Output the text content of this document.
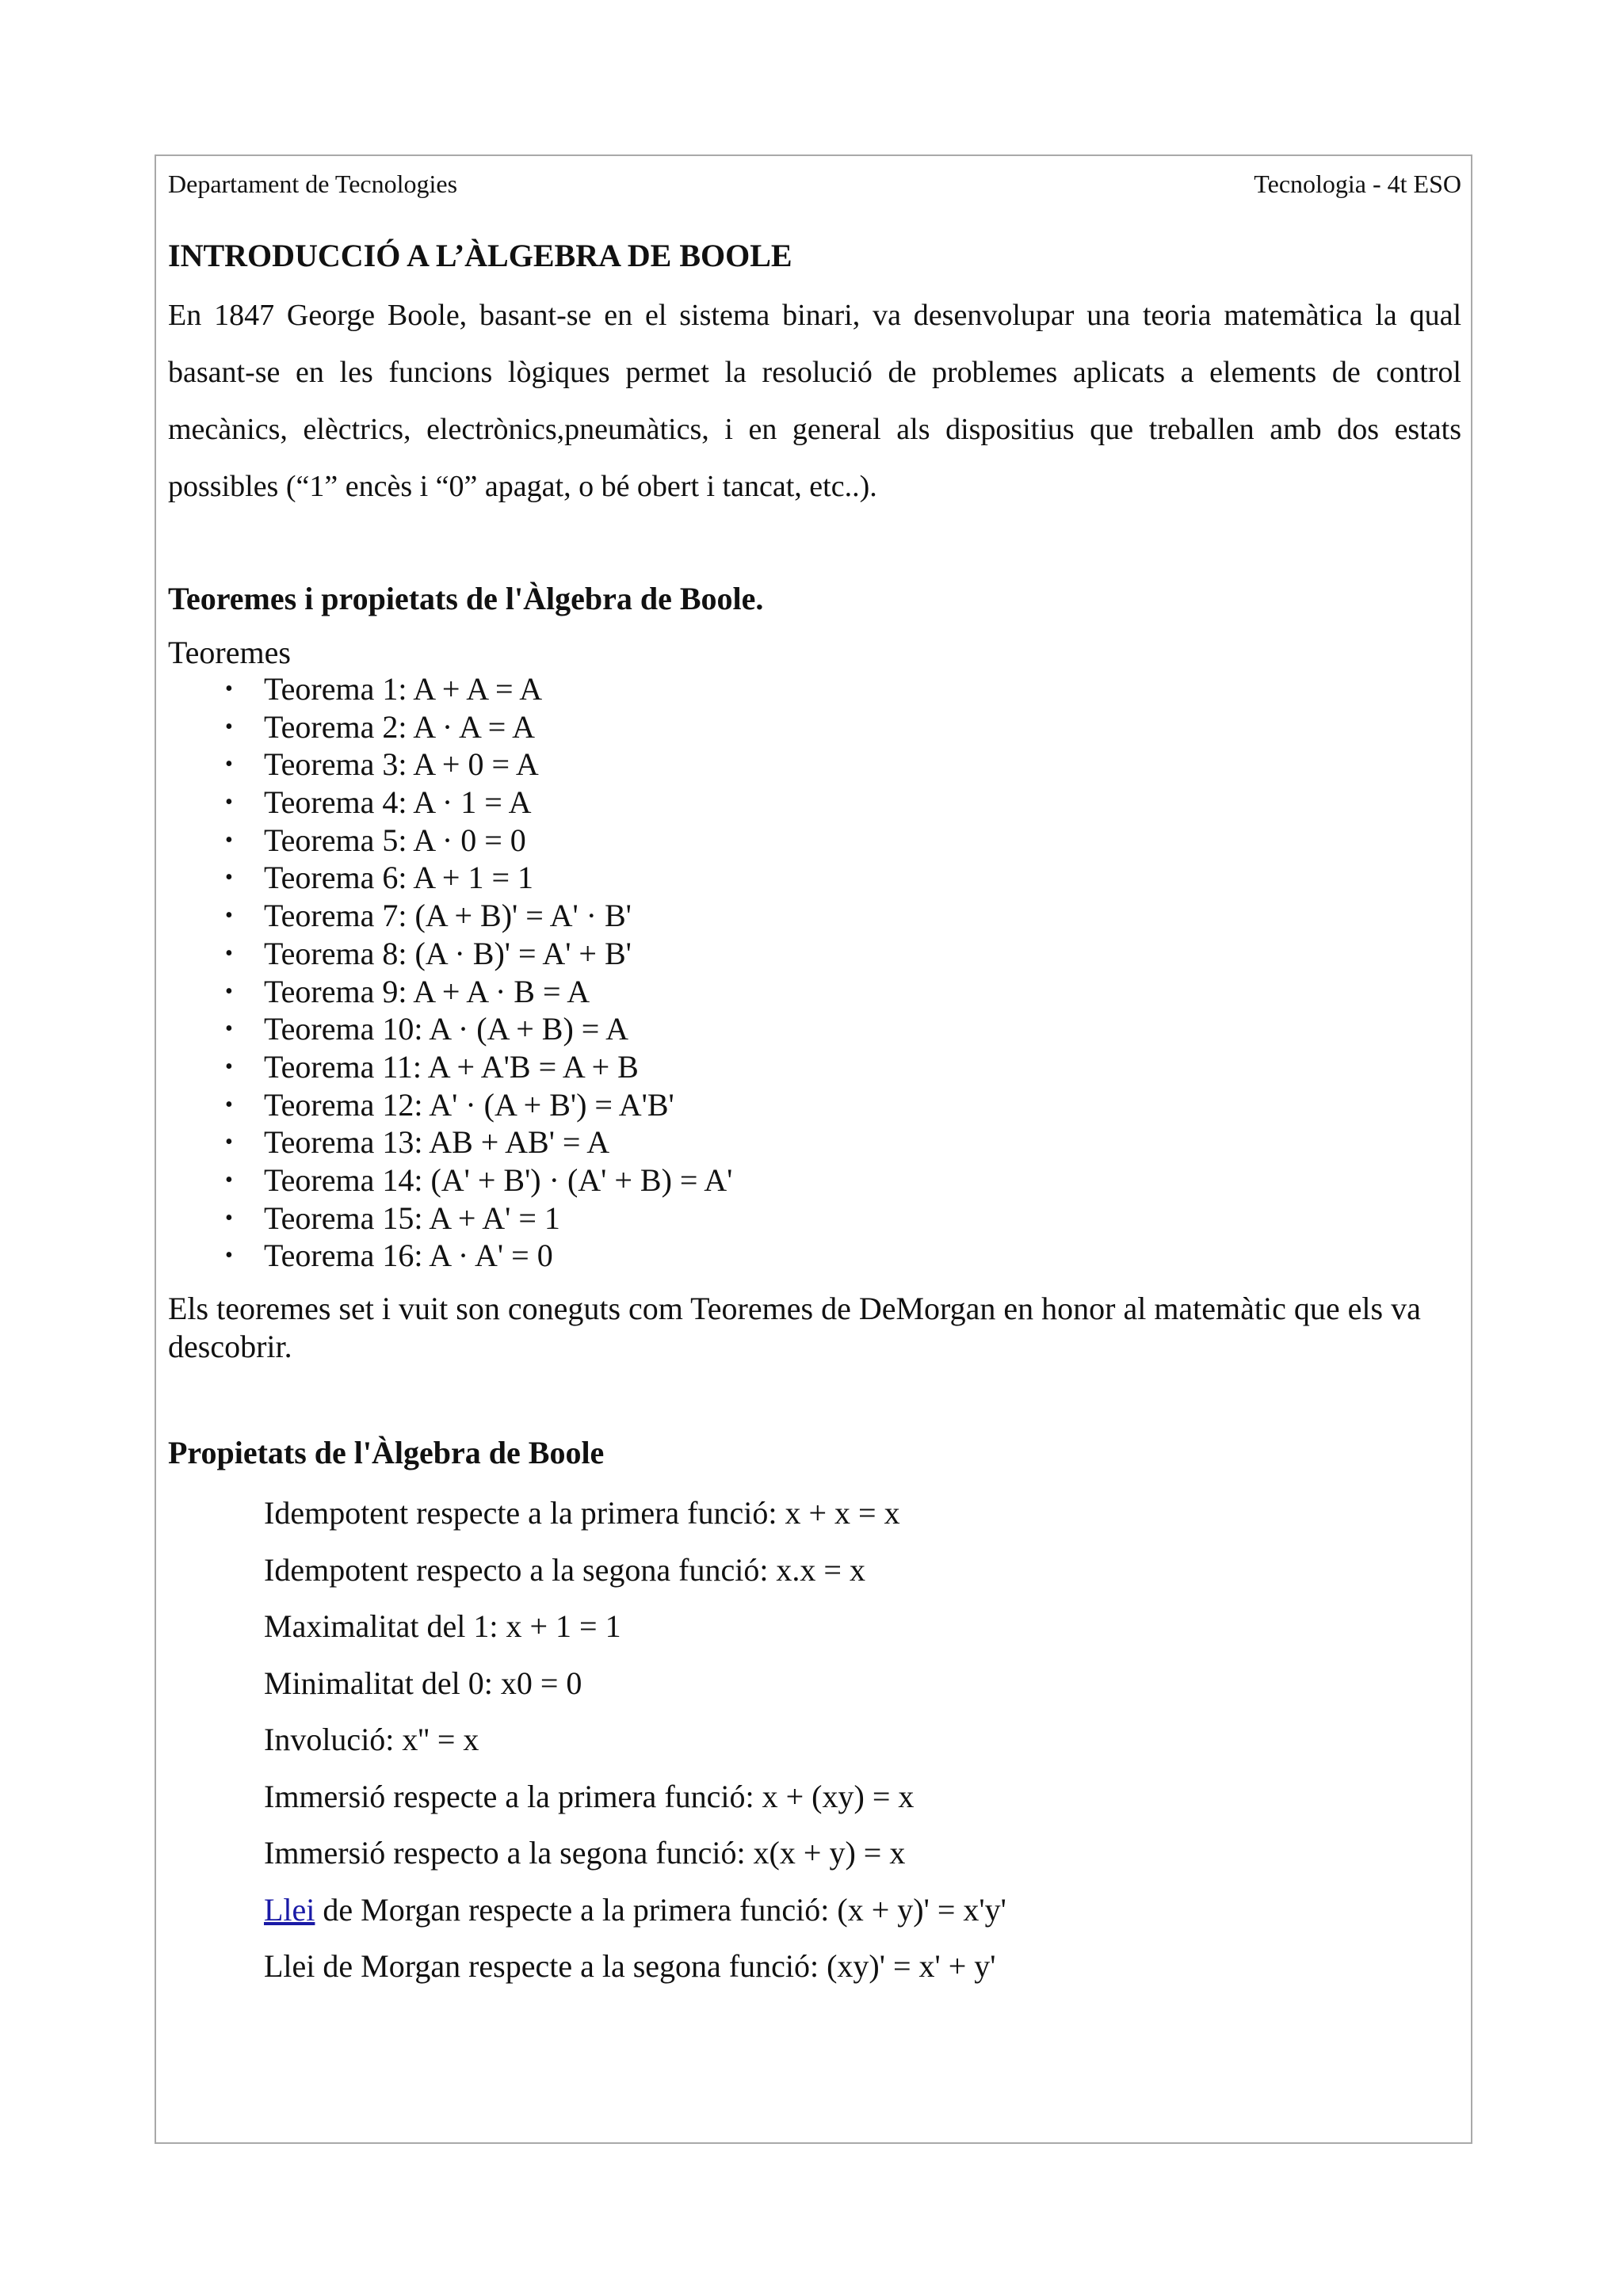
Departament de Tecnologies	Tecnologia - 4t ESO
INTRODUCCIÓ A L’ÀLGEBRA DE BOOLE

En 1847 George Boole, basant-se en el sistema binari, va desenvolupar una teoria matemàtica la qual basant-se en les funcions lògiques permet la resolució de problemes aplicats a elements de control mecànics, elèctrics, electrònics,pneumàtics, i en general als dispositius que treballen amb dos estats possibles (“1” encès i “0” apagat, o bé obert i tancat, etc..).

Teoremes i propietats de l'Àlgebra de Boole.
Teoremes
• Teorema 1: A + A = A
• Teorema 2: A · A = A
• Teorema 3: A + 0 = A
• Teorema 4: A · 1 = A
• Teorema 5: A · 0 = 0
• Teorema 6: A + 1 = 1
• Teorema 7: (A + B)' = A' · B'
• Teorema 8: (A · B)' = A' + B'
• Teorema 9: A + A · B = A
• Teorema 10: A · (A + B) = A
• Teorema 11: A + A'B = A + B
• Teorema 12: A' · (A + B') = A'B'
• Teorema 13: AB + AB' = A
• Teorema 14: (A' + B') · (A' + B) = A'
• Teorema 15: A + A' = 1
• Teorema 16: A · A' = 0

Els teoremes set i vuit son coneguts com Teoremes de DeMorgan en honor al matemàtic que els va descobrir.

Propietats de l'Àlgebra de Boole
Idempotent respecte a la primera funció: x + x = x
Idempotent respecto a la segona funció: x.x = x
Maximalitat del 1: x + 1 = 1
Minimalitat del 0: x0 = 0
Involució: x'' = x
Immersió respecte a la primera funció: x + (xy) = x
Immersió respecto a la segona funció: x(x + y) = x
Llei de Morgan respecte a la primera funció: (x + y)' = x'y'
Llei de Morgan respecte a la segona funció: (xy)' = x' + y'
